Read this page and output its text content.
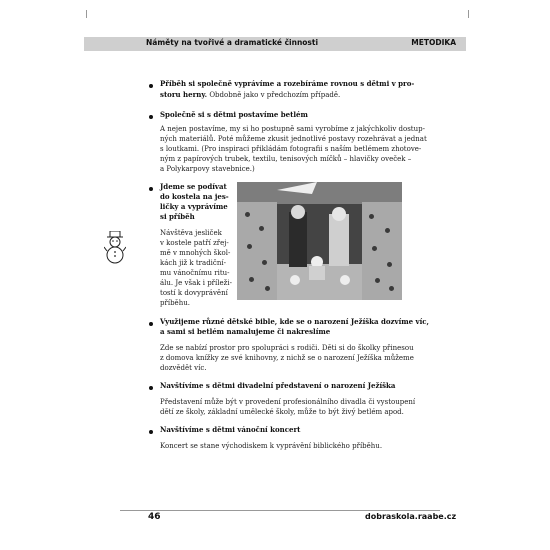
Náměty na tvořivé a dramatické činnosti	METODIKA
Příběh si společně vyprávíme a rozebíráme rovnou s dětmi v pro-
storu herny. Obdobně jako v předchozím případě.
Společně si s dětmi postavíme betlém
A nejen postavíme, my si ho postupně sami vyrobíme z jakýchkoliv dostup-
ných materiálů. Poté můžeme zkusit jednotlivé postavy rozehrávat a jednat
s loutkami. (Pro inspiraci přikládám fotografii s naším betlémem zhotove-
ným z papírových trubek, textilu, tenisových míčků – hlavičky oveček –
a Polykarpovy stavebnice.)
Jdeme se podívat
do kostela na jes-
ličky a vyprávíme
si příběh
Návštěva jesliček
v kostele patří zřej-
mě v mnohých škol-
kách již k tradiční-
mu vánočnímu ritu-
álu. Je však i příleži-
tostí k dovyprávění
příběhu.
Využijeme různé dětské bible, kde se o narození Ježíška dozvíme víc,
a sami si betlém namalujeme či nakreslíme
Zde se nabízí prostor pro spolupráci s rodiči. Děti si do školky přinesou
z domova knížky ze své knihovny, z nichž se o narození Ježíška můžeme
dozvědět víc.
Navštívíme s dětmi divadelní představení o narození Ježíška
Představení může být v provedení profesionálního divadla či vystoupení
dětí ze školy, základní umělecké školy, může to být živý betlém apod.
Navštívíme s dětmi vánoční koncert
Koncert se stane východiskem k vyprávění biblického příběhu.
46	dobraskola.raabe.cz
